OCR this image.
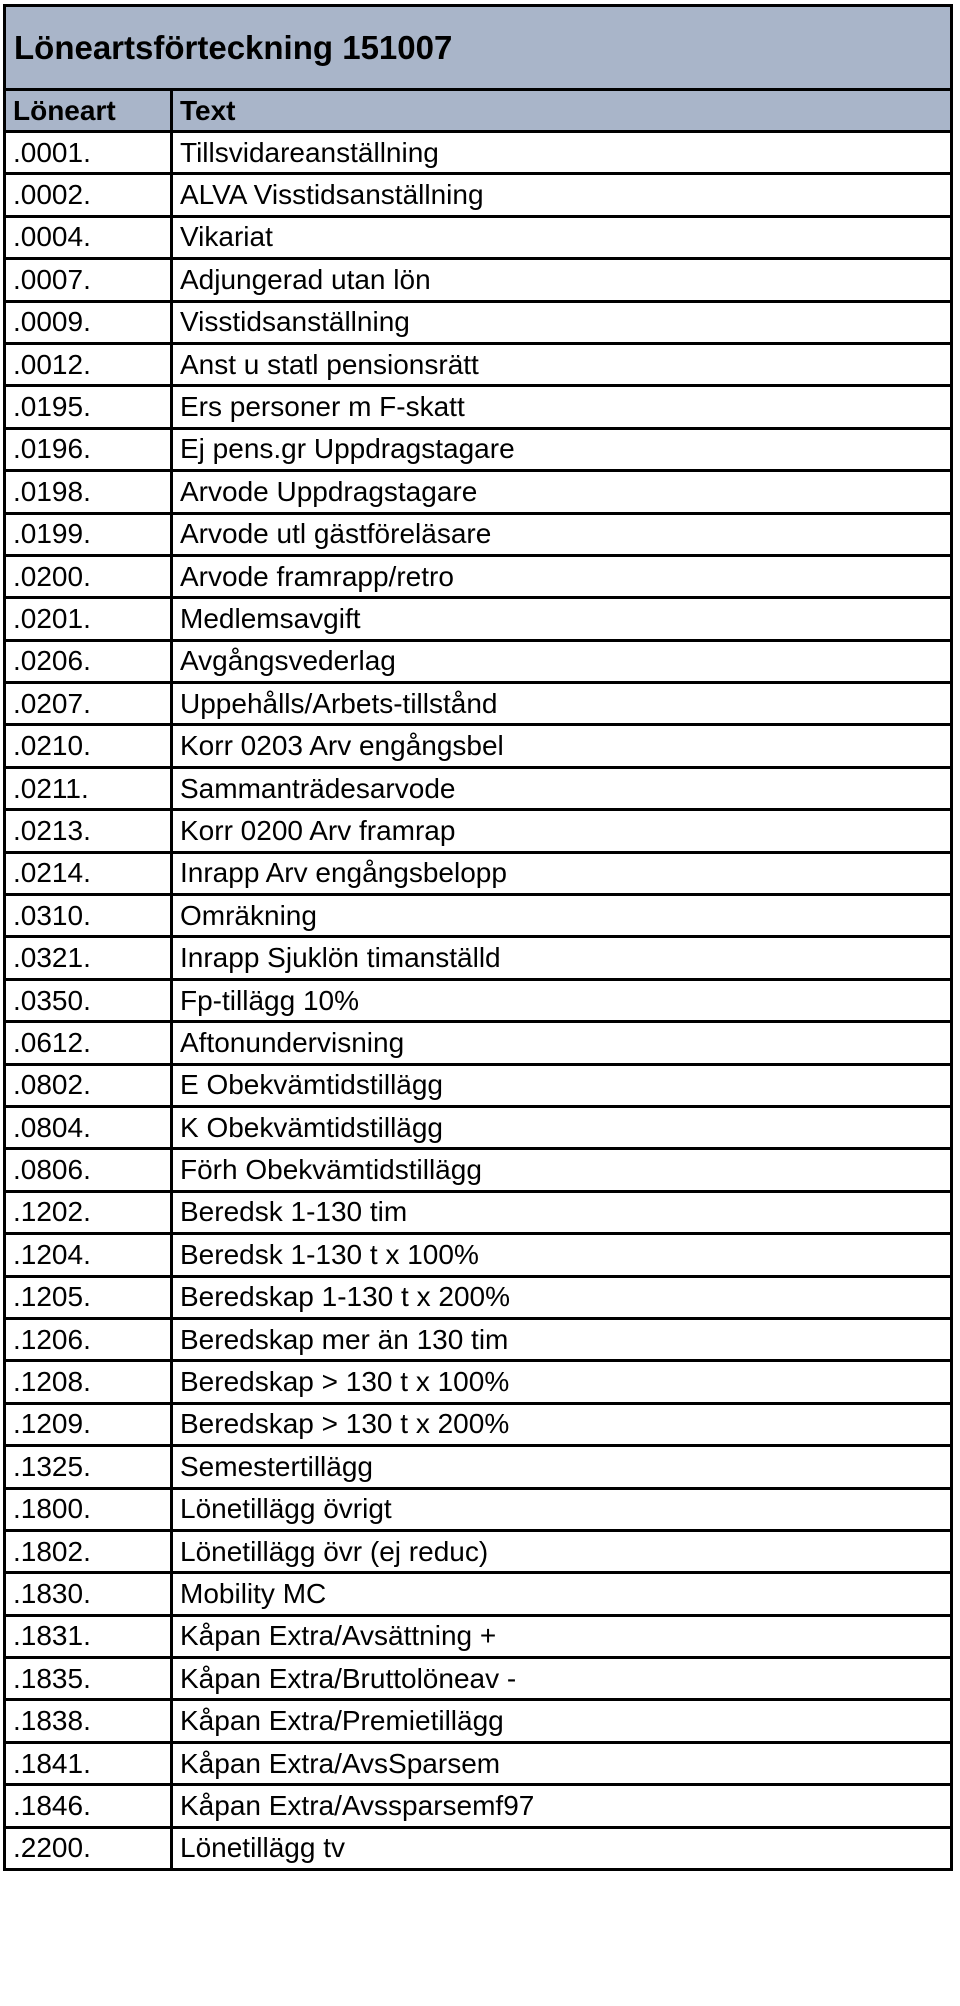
Löneartsförteckning 151007	
Löneart	Text
.0001.	Tillsvidareanställning
.0002.	ALVA Visstidsanställning
.0004.	Vikariat
.0007.	Adjungerad utan lön
.0009.	Visstidsanställning
.0012.	Anst u statl pensionsrätt
.0195.	Ers personer m F-skatt
.0196.	Ej pens.gr Uppdragstagare
.0198.	Arvode Uppdragstagare
.0199.	Arvode utl gästföreläsare
.0200.	Arvode framrapp/retro
.0201.	Medlemsavgift
.0206.	Avgångsvederlag
.0207.	Uppehålls/Arbets-tillstånd
.0210.	Korr 0203 Arv engångsbel
.0211.	Sammanträdesarvode
.0213.	Korr 0200 Arv framrap
.0214.	Inrapp Arv engångsbelopp
.0310.	Omräkning
.0321.	Inrapp Sjuklön timanställd
.0350.	Fp-tillägg 10%
.0612.	Aftonundervisning
.0802.	E Obekvämtidstillägg
.0804.	K Obekvämtidstillägg
.0806.	Förh Obekvämtidstillägg
.1202.	Beredsk 1-130 tim
.1204.	Beredsk 1-130 t x 100%
.1205.	Beredskap 1-130 t x 200%
.1206.	Beredskap mer än 130 tim
.1208.	Beredskap > 130 t x 100%
.1209.	Beredskap > 130 t x 200%
.1325.	Semestertillägg
.1800.	Lönetillägg övrigt
.1802.	Lönetillägg övr (ej reduc)
.1830.	Mobility MC
.1831.	Kåpan Extra/Avsättning +
.1835.	Kåpan Extra/Bruttolöneav -
.1838.	Kåpan Extra/Premietillägg
.1841.	Kåpan Extra/AvsSparsem
.1846.	Kåpan Extra/Avssparsemf97
.2200.	Lönetillägg tv
